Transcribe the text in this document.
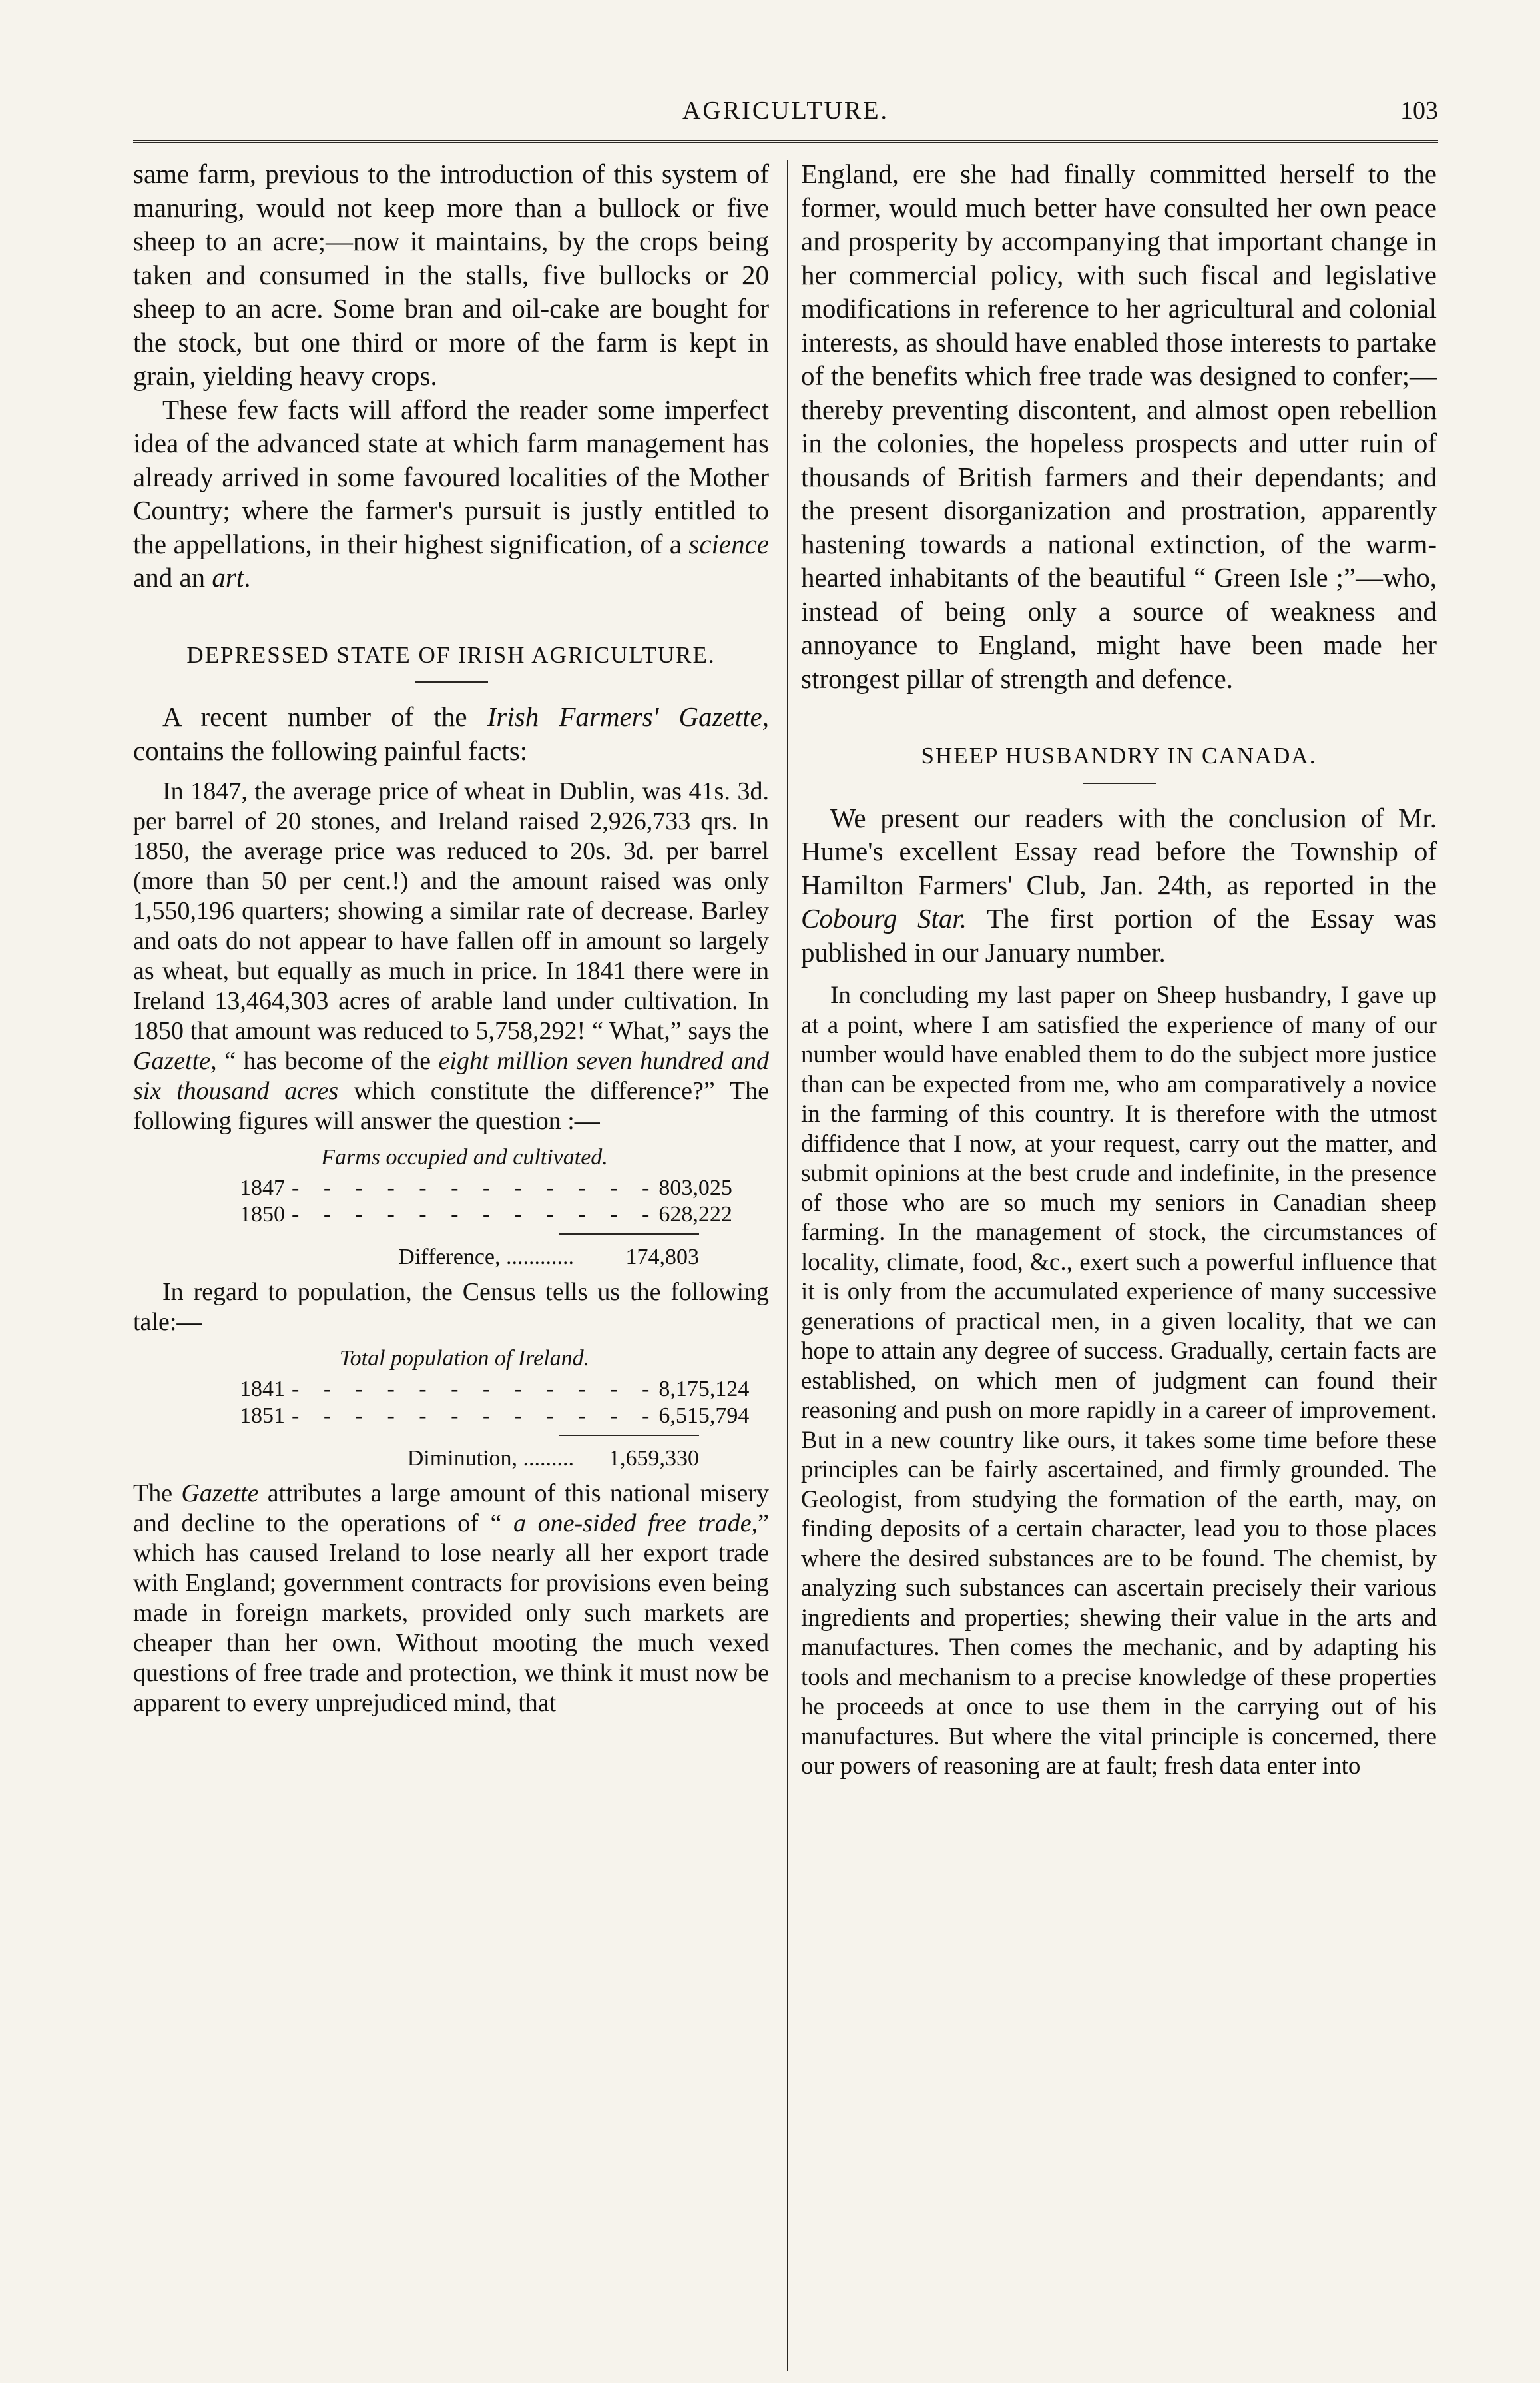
AGRICULTURE.	103

same farm, previous to the introduction of this system of manuring, would not keep more than a bullock or five sheep to an acre;—now it maintains, by the crops being taken and consumed in the stalls, five bullocks or 20 sheep to an acre. Some bran and oil-cake are bought for the stock, but one third or more of the farm is kept in grain, yielding heavy crops.

These few facts will afford the reader some imperfect idea of the advanced state at which farm management has already arrived in some favoured localities of the Mother Country; where the farmer's pursuit is justly entitled to the appellations, in their highest signification, of a science and an art.

DEPRESSED STATE OF IRISH AGRICULTURE.

A recent number of the Irish Farmers' Gazette, contains the following painful facts:

In 1847, the average price of wheat in Dublin, was 41s. 3d. per barrel of 20 stones, and Ireland raised 2,926,733 qrs. In 1850, the average price was reduced to 20s. 3d. per barrel (more than 50 per cent.!) and the amount raised was only 1,550,196 quarters; showing a similar rate of decrease. Barley and oats do not appear to have fallen off in amount so largely as wheat, but equally as much in price. In 1841 there were in Ireland 13,464,303 acres of arable land under cultivation. In 1850 that amount was reduced to 5,758,292! “ What,” says the Gazette, “ has become of the eight million seven hundred and six thousand acres which constitute the difference?” The following figures will answer the question :—

Farms occupied and cultivated.
1847 - - - - - - - - - - - - 803,025
1850 - - - - - - - - - - - - 628,222
Difference, ............	174,803

In regard to population, the Census tells us the following tale:—

Total population of Ireland.
1841 - - - - - - - - - - - - 8,175,124
1851 - - - - - - - - - - - - 6,515,794
Diminution, .........	1,659,330

The Gazette attributes a large amount of this national misery and decline to the operations of “ a one-sided free trade,” which has caused Ireland to lose nearly all her export trade with England; government contracts for provisions even being made in foreign markets, provided only such markets are cheaper than her own. Without mooting the much vexed questions of free trade and protection, we think it must now be apparent to every unprejudiced mind, that

England, ere she had finally committed herself to the former, would much better have consulted her own peace and prosperity by accompanying that important change in her commercial policy, with such fiscal and legislative modifications in reference to her agricultural and colonial interests, as should have enabled those interests to partake of the benefits which free trade was designed to confer;—thereby preventing discontent, and almost open rebellion in the colonies, the hopeless prospects and utter ruin of thousands of British farmers and their dependants; and the present disorganization and prostration, apparently hastening towards a national extinction, of the warm-hearted inhabitants of the beautiful “ Green Isle ;”—who, instead of being only a source of weakness and annoyance to England, might have been made her strongest pillar of strength and defence.

SHEEP HUSBANDRY IN CANADA.

We present our readers with the conclusion of Mr. Hume's excellent Essay read before the Township of Hamilton Farmers' Club, Jan. 24th, as reported in the Cobourg Star. The first portion of the Essay was published in our January number.

In concluding my last paper on Sheep husbandry, I gave up at a point, where I am satisfied the experience of many of our number would have enabled them to do the subject more justice than can be expected from me, who am comparatively a novice in the farming of this country. It is therefore with the utmost diffidence that I now, at your request, carry out the matter, and submit opinions at the best crude and indefinite, in the presence of those who are so much my seniors in Canadian sheep farming. In the management of stock, the circumstances of locality, climate, food, &c., exert such a powerful influence that it is only from the accumulated experience of many successive generations of practical men, in a given locality, that we can hope to attain any degree of success. Gradually, certain facts are established, on which men of judgment can found their reasoning and push on more rapidly in a career of improvement. But in a new country like ours, it takes some time before these principles can be fairly ascertained, and firmly grounded. The Geologist, from studying the formation of the earth, may, on finding deposits of a certain character, lead you to those places where the desired substances are to be found. The chemist, by analyzing such substances can ascertain precisely their various ingredients and properties; shewing their value in the arts and manufactures. Then comes the mechanic, and by adapting his tools and mechanism to a precise knowledge of these properties he proceeds at once to use them in the carrying out of his manufactures. But where the vital principle is concerned, there our powers of reasoning are at fault; fresh data enter into
